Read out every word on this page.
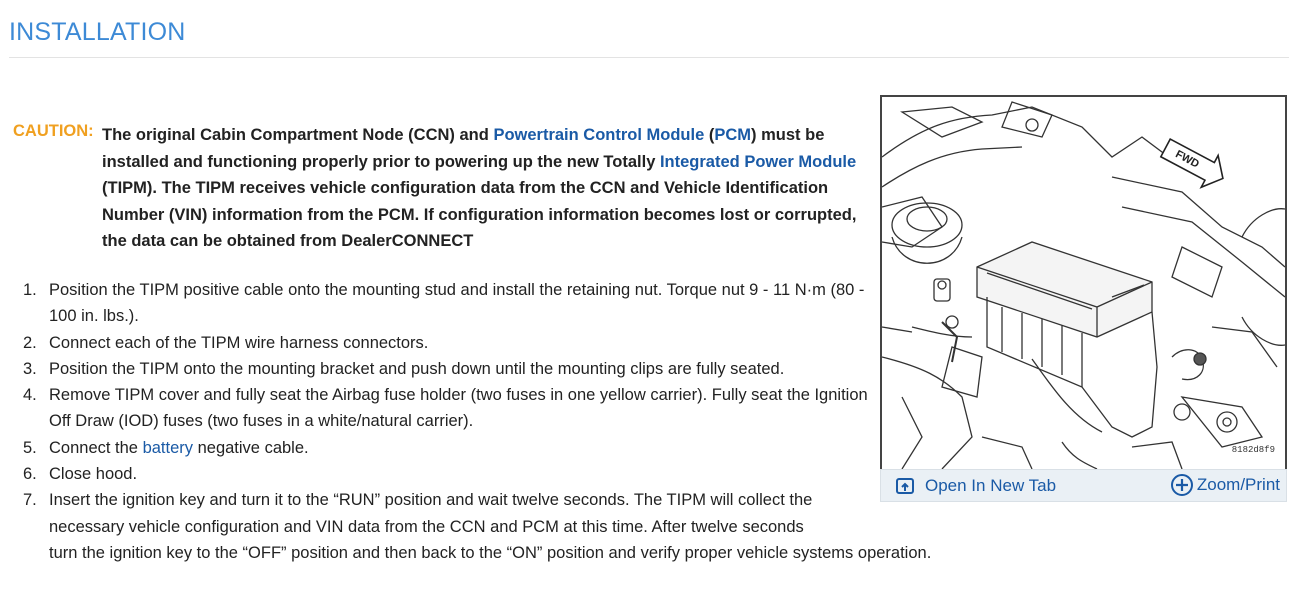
INSTALLATION
CAUTION: The original Cabin Compartment Node (CCN) and Powertrain Control Module (PCM) must be installed and functioning properly prior to powering up the new Totally Integrated Power Module (TIPM). The TIPM receives vehicle configuration data from the CCN and Vehicle Identification Number (VIN) information from the PCM. If configuration information becomes lost or corrupted, the data can be obtained from DealerCONNECT
1. Position the TIPM positive cable onto the mounting stud and install the retaining nut. Torque nut 9 - 11 N·m (80 - 100 in. lbs.).
2. Connect each of the TIPM wire harness connectors.
3. Position the TIPM onto the mounting bracket and push down until the mounting clips are fully seated.
4. Remove TIPM cover and fully seat the Airbag fuse holder (two fuses in one yellow carrier). Fully seat the Ignition Off Draw (IOD) fuses (two fuses in a white/natural carrier).
5. Connect the battery negative cable.
6. Close hood.
7. Insert the ignition key and turn it to the “RUN” position and wait twelve seconds. The TIPM will collect the necessary vehicle configuration and VIN data from the CCN and PCM at this time. After twelve seconds
turn the ignition key to the “OFF” position and then back to the “ON” position and verify proper vehicle systems operation.
FWD
8182d8f9
Open In New Tab	Zoom/Print
